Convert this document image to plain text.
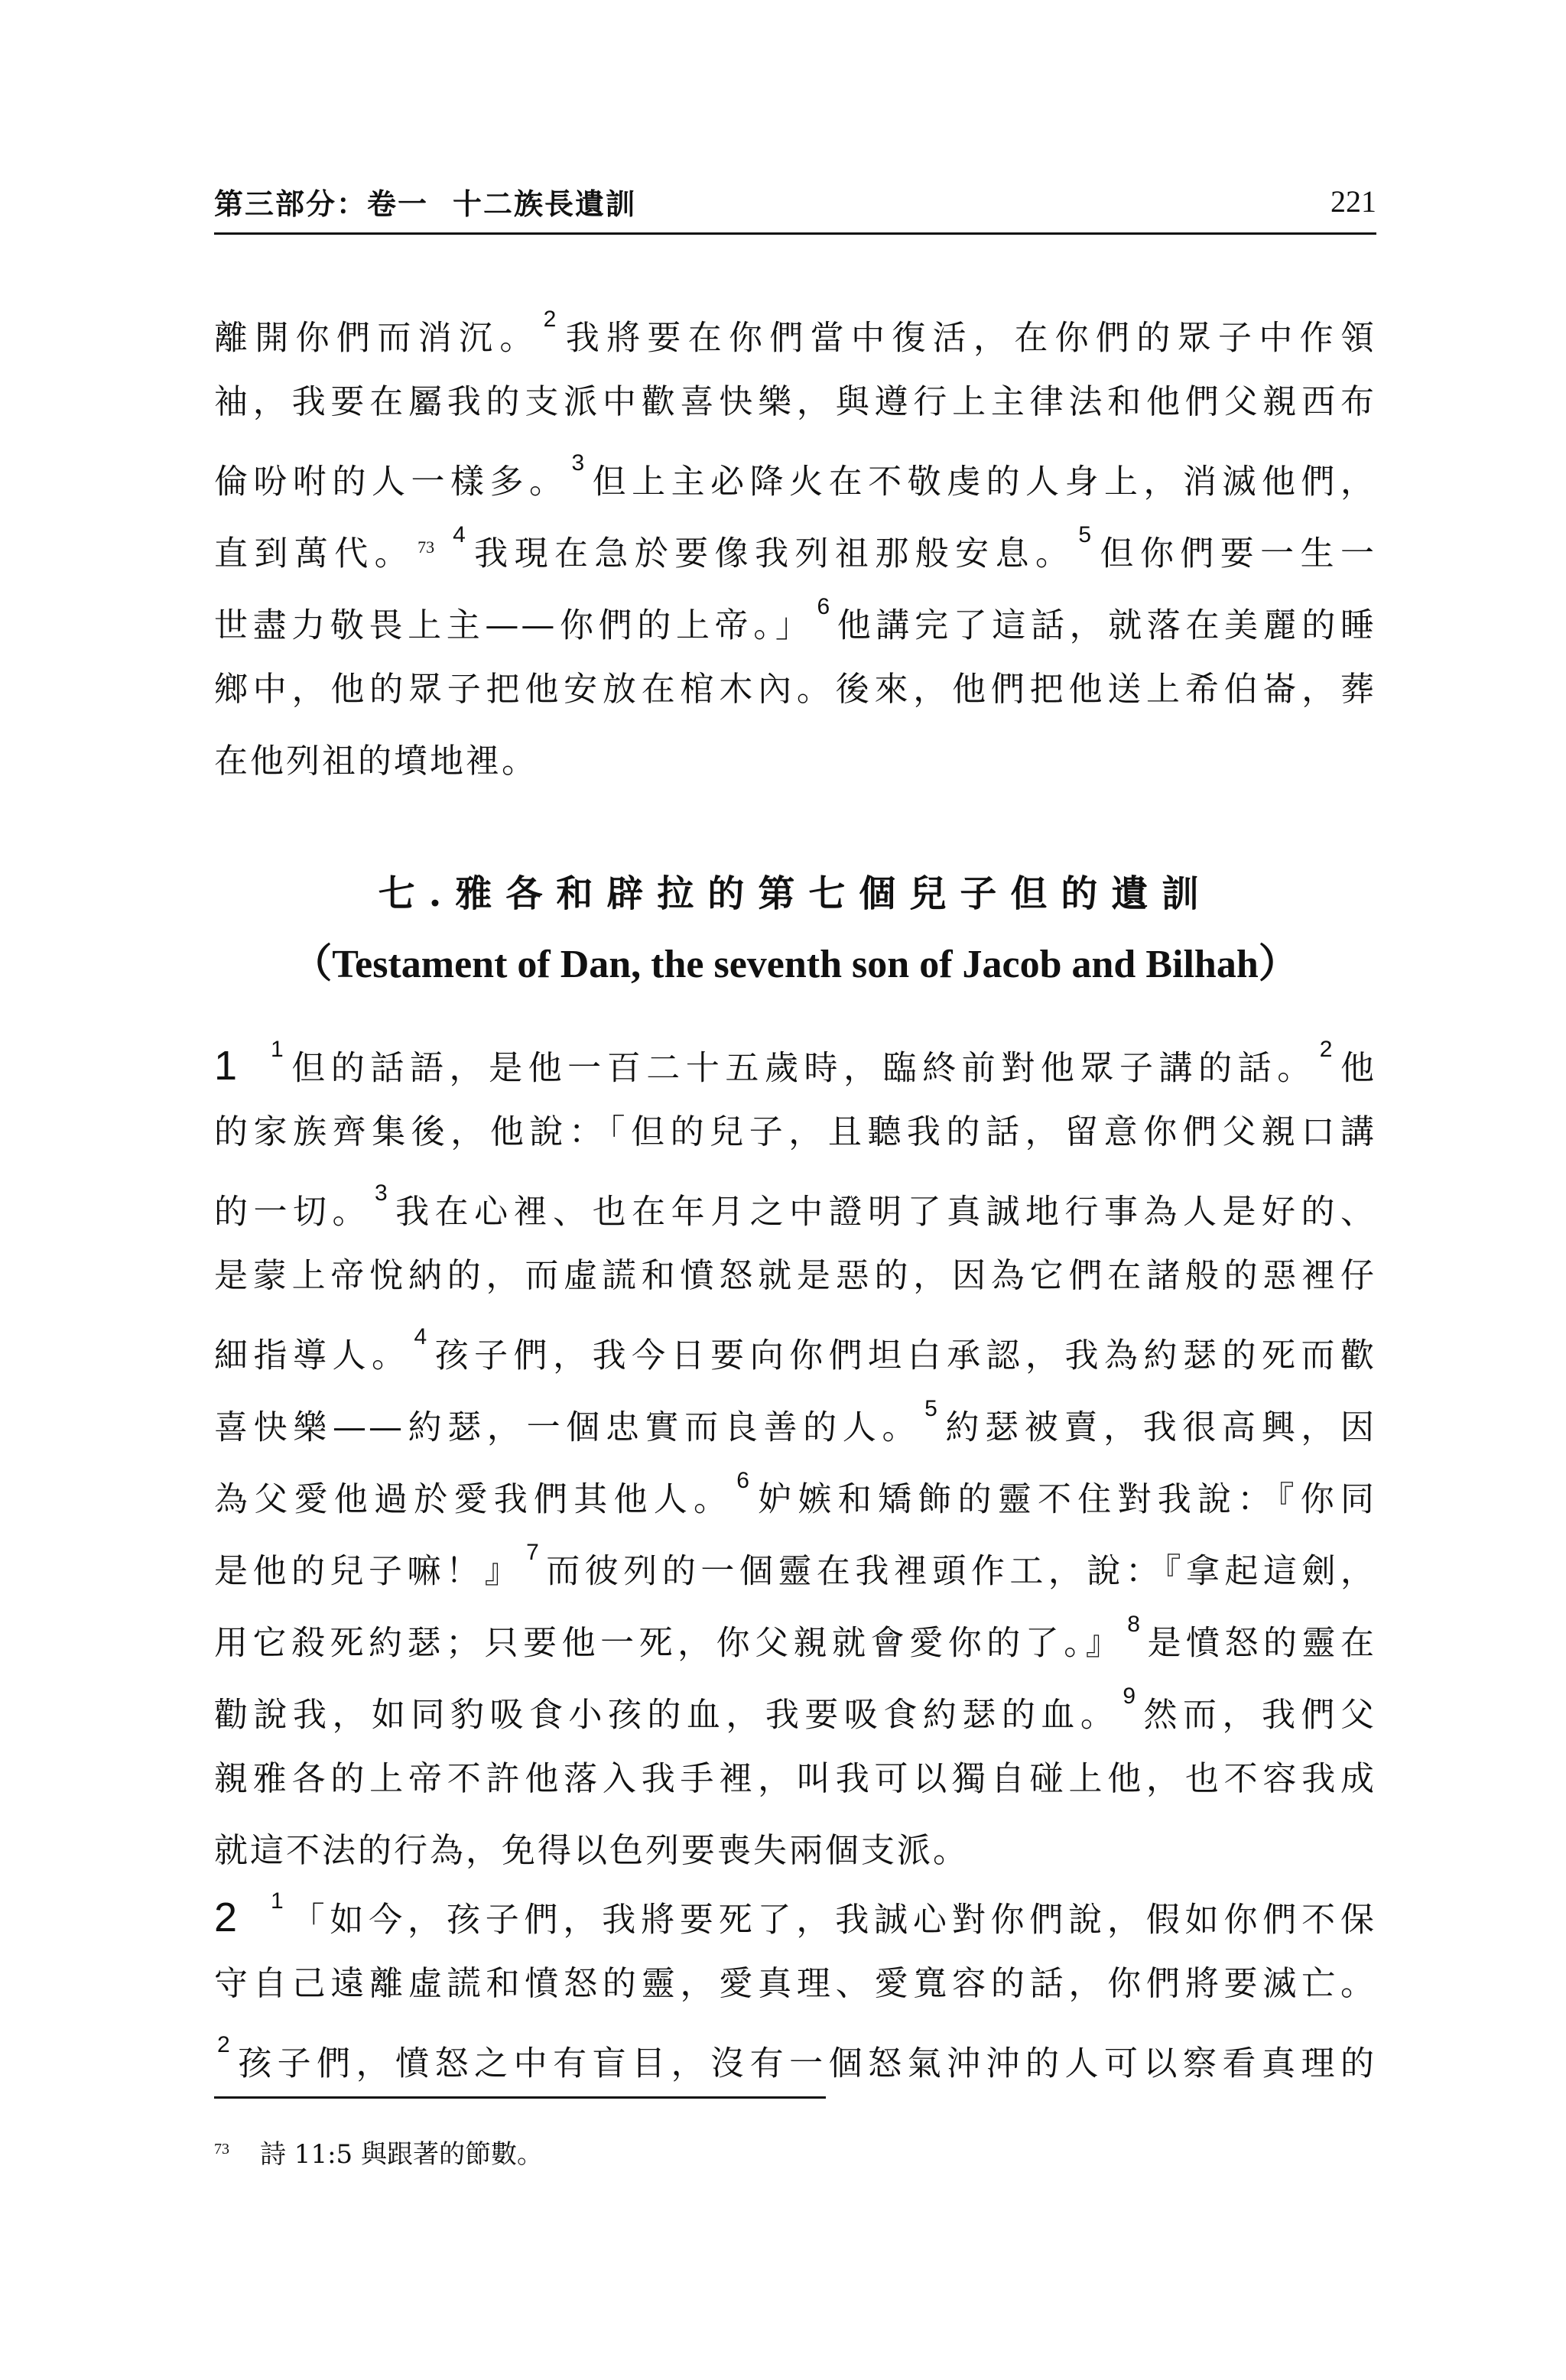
第三部分：卷一 十二族長遺訓	221
離開你們而消沉。 $^2$ 我將要在你們當中復活，在你們的眾子中作領
袖，我要在屬我的支派中歡喜快樂，與遵行上主律法和他們父親西布
倫吩咐的人一樣多。 $^3$ 但上主必降火在不敬虔的人身上，消滅他們，
直到萬代。 $^{73}$ $^4$ 我現在急於要像我列祖那般安息。 $^5$ 但你們要一生一
世盡力敬畏上主——你們的上帝。」 $^6$ 他講完了這話，就落在美麗的睡
鄉中，他的眾子把他安放在棺木內。後來，他們把他送上希伯崙，葬
在他列祖的墳地裡。
七.雅各和辟拉的第七個兒子但的遺訓
（Testament of Dan, the seventh son of Jacob and Bilhah）
1 $^1$ 但的話語，是他一百二十五歲時，臨終前對他眾子講的話。 $^2$ 他
的家族齊集後，他說：「但的兒子，且聽我的話，留意你們父親口講
的一切。 $^3$ 我在心裡、也在年月之中證明了真誠地行事為人是好的、
是蒙上帝悅納的，而虛謊和憤怒就是惡的，因為它們在諸般的惡裡仔
細指導人。 $^4$ 孩子們，我今日要向你們坦白承認，我為約瑟的死而歡
喜快樂——約瑟，一個忠實而良善的人。 $^5$ 約瑟被賣，我很高興，因
為父愛他過於愛我們其他人。 $^6$ 妒嫉和矯飾的靈不住對我說：『你同
是他的兒子嘛！』 $^7$ 而彼列的一個靈在我裡頭作工，說：『拿起這劍，
用它殺死約瑟；只要他一死，你父親就會愛你的了。』 $^8$ 是憤怒的靈在
勸說我，如同豹吸食小孩的血，我要吸食約瑟的血。 $^9$ 然而，我們父
親雅各的上帝不許他落入我手裡，叫我可以獨自碰上他，也不容我成
就這不法的行為，免得以色列要喪失兩個支派。
2 $^1$ 「如今，孩子們，我將要死了，我誠心對你們說，假如你們不保
守自己遠離虛謊和憤怒的靈，愛真理、愛寬容的話，你們將要滅亡。
$^2$ 孩子們，憤怒之中有盲目，沒有一個怒氣沖沖的人可以察看真理的
$^{73}$ 詩 11:5 與跟著的節數。
